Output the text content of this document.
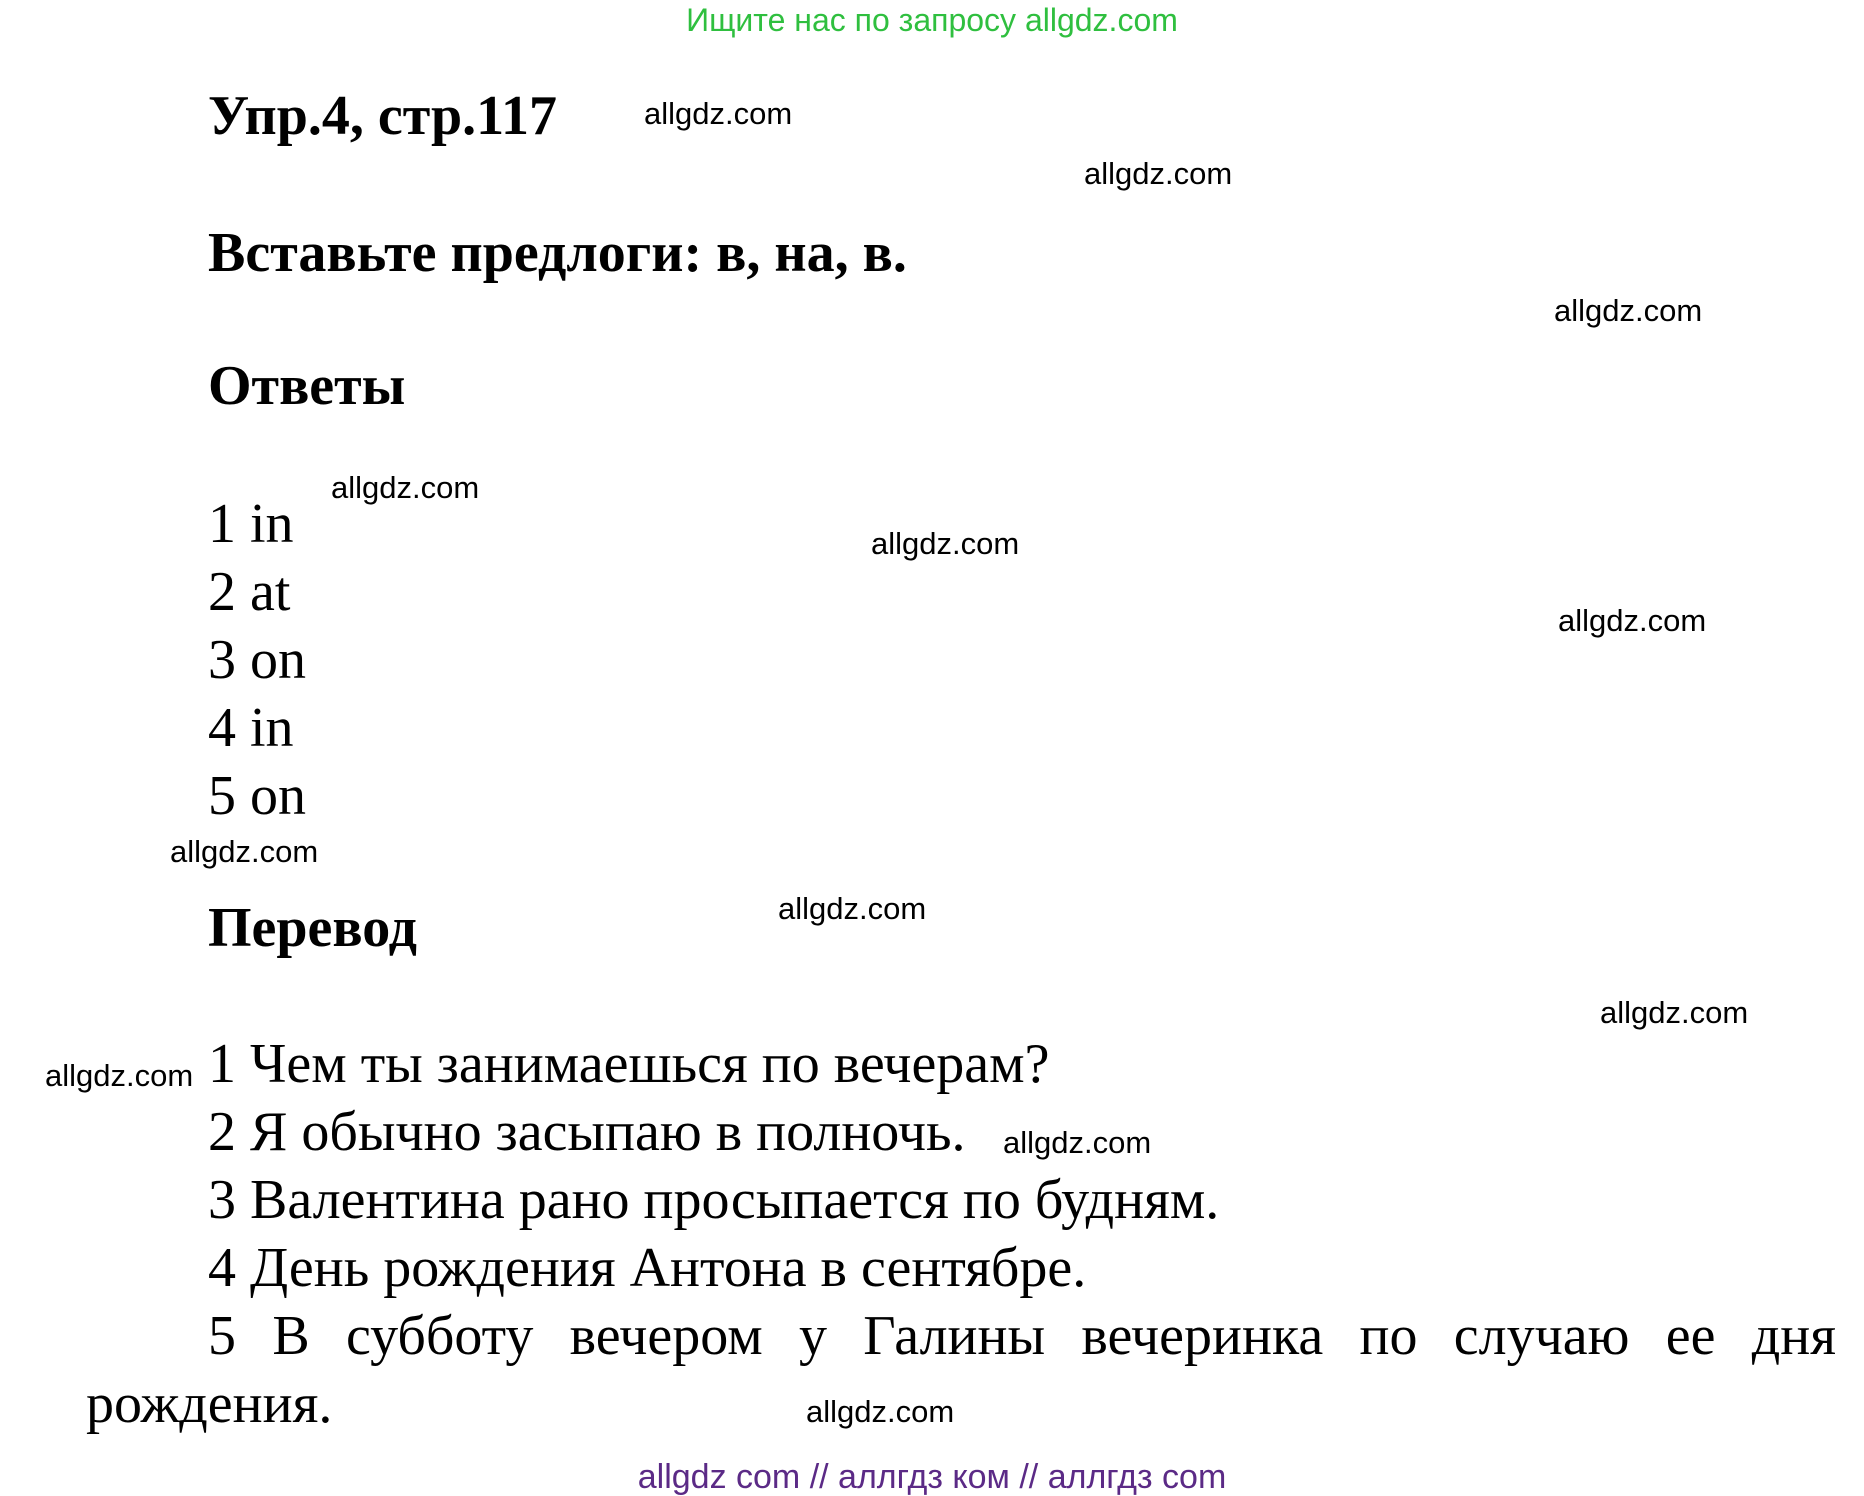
Ищите нас по запросу allgdz.com
Упр.4, стр.117
Вставьте предлоги: в, на, в.
Ответы
1 in
2 at
3 on
4 in
5 on
Перевод
1 Чем ты занимаешься по вечерам?
2 Я обычно засыпаю в полночь.
3 Валентина рано просыпается по будням.
4 День рождения Антона в сентябре.
5 В субботу вечером у Галины вечеринка по случаю ее дня рождения.
allgdz.com
allgdz.com
allgdz.com
allgdz.com
allgdz.com
allgdz.com
allgdz.com
allgdz.com
allgdz.com
allgdz.com
allgdz.com
allgdz.com
allgdz com // аллгдз ком // аллгдз com
